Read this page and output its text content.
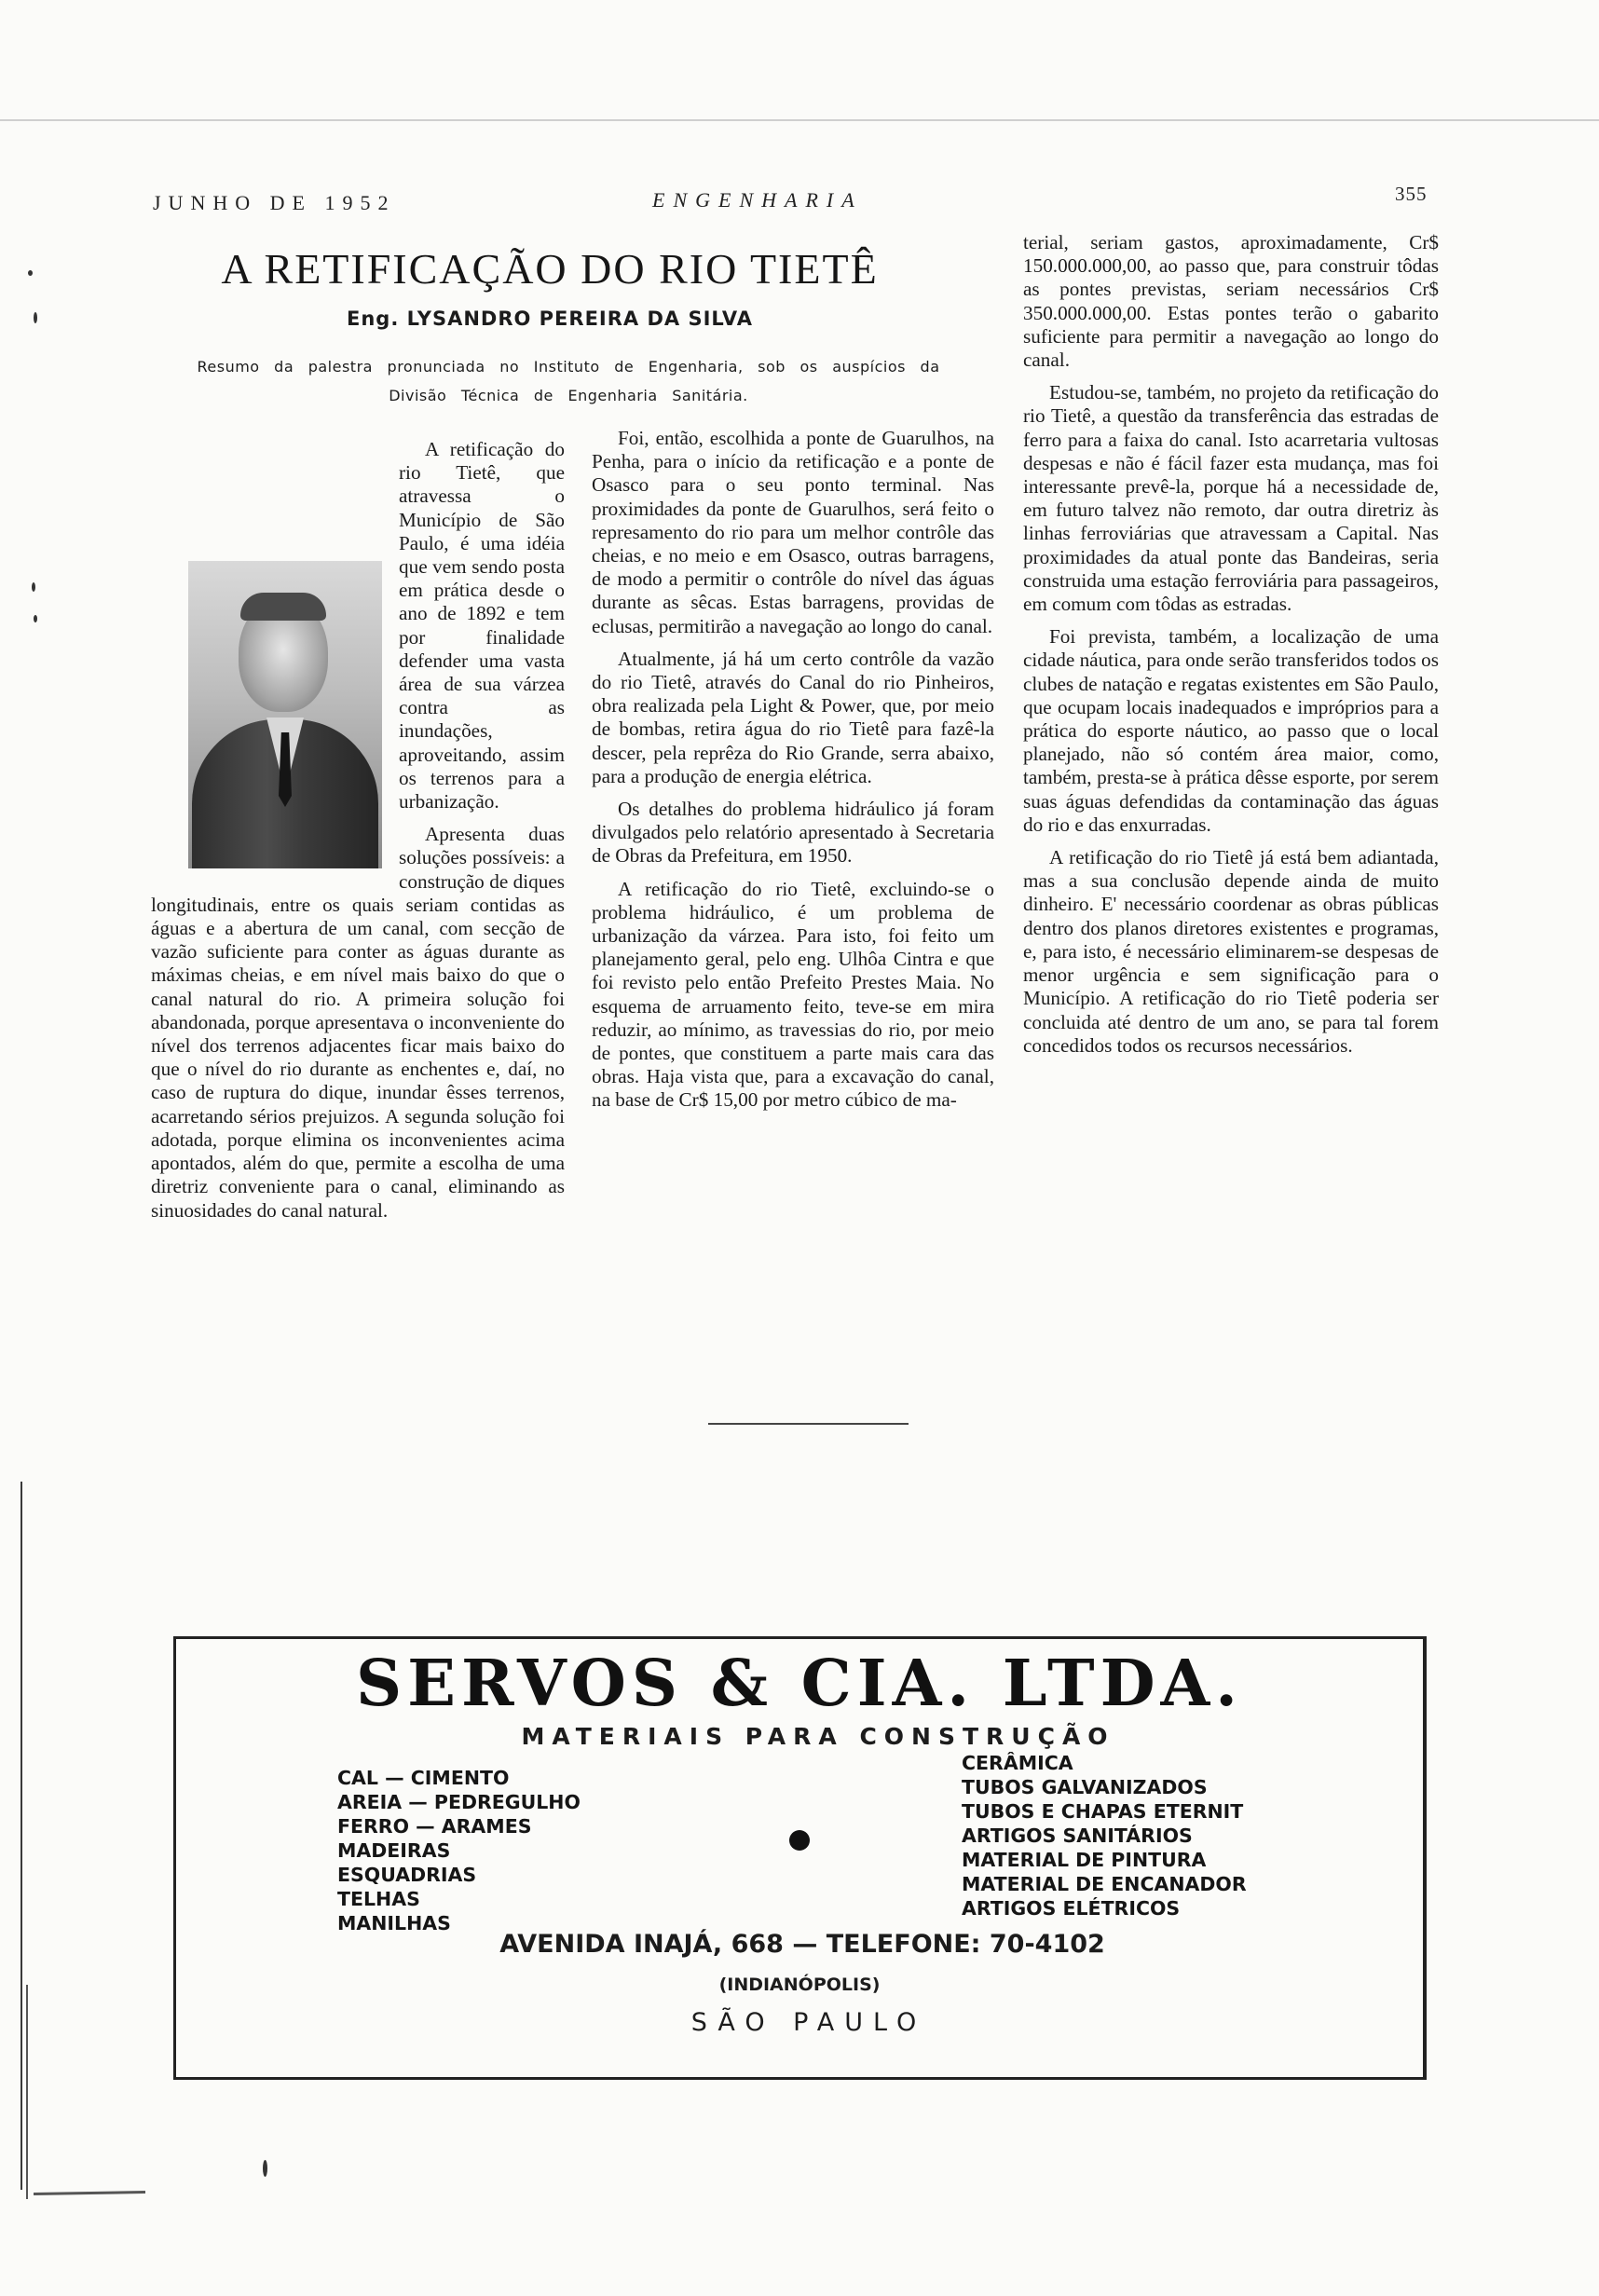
JUNHO DE 1952	ENGENHARIA	355
A RETIFICAÇÃO DO RIO TIETÊ
Eng. LYSANDRO PEREIRA DA SILVA
Resumo da palestra pronunciada no Instituto de Engenharia, sob os auspícios da Divisão Técnica de Engenharia Sanitária.

A retificação do rio Tietê, que atravessa o Município de São Paulo, é uma idéia que vem sendo posta em prática desde o ano de 1892 e tem por finalidade defender uma vasta área de sua várzea contra as inundações, aproveitando, assim os terrenos para a urbanização.

Apresenta duas soluções possíveis: a construção de diques longitudinais, entre os quais seriam contidas as águas e a abertura de um canal, com secção de vazão suficiente para conter as águas durante as máximas cheias, e em nível mais baixo do que o canal natural do rio. A primeira solução foi abandonada, porque apresentava o inconveniente do nível dos terrenos adjacentes ficar mais baixo do que o nível do rio durante as enchentes e, daí, no caso de ruptura do dique, inundar êsses terrenos, acarretando sérios prejuizos. A segunda solução foi adotada, porque elimina os inconvenientes acima apontados, além do que, permite a escolha de uma diretriz conveniente para o canal, eliminando as sinuosidades do canal natural.

Foi, então, escolhida a ponte de Guarulhos, na Penha, para o início da retificação e a ponte de Osasco para o seu ponto terminal. Nas proximidades da ponte de Guarulhos, será feito o represamento do rio para um melhor contrôle das cheias, e no meio e em Osasco, outras barragens, de modo a permitir o contrôle do nível das águas durante as sêcas. Estas barragens, providas de eclusas, permitirão a navegação ao longo do canal.

Atualmente, já há um certo contrôle da vazão do rio Tietê, através do Canal do rio Pinheiros, obra realizada pela Light & Power, que, por meio de bombas, retira água do rio Tietê para fazê-la descer, pela reprêza do Rio Grande, serra abaixo, para a produção de energia elétrica.

Os detalhes do problema hidráulico já foram divulgados pelo relatório apresentado à Secretaria de Obras da Prefeitura, em 1950.

A retificação do rio Tietê, excluindo-se o problema hidráulico, é um problema de urbanização da várzea. Para isto, foi feito um planejamento geral, pelo eng. Ulhôa Cintra e que foi revisto pelo então Prefeito Prestes Maia. No esquema de arruamento feito, teve-se em mira reduzir, ao mínimo, as travessias do rio, por meio de pontes, que constituem a parte mais cara das obras. Haja vista que, para a excavação do canal, na base de Cr$ 15,00 por metro cúbico de ma-

terial, seriam gastos, aproximadamente, Cr$ 150.000.000,00, ao passo que, para construir tôdas as pontes previstas, seriam necessários Cr$ 350.000.000,00. Estas pontes terão o gabarito suficiente para permitir a navegação ao longo do canal.

Estudou-se, também, no projeto da retificação do rio Tietê, a questão da transferência das estradas de ferro para a faixa do canal. Isto acarretaria vultosas despesas e não é fácil fazer esta mudança, mas foi interessante prevê-la, porque há a necessidade de, em futuro talvez não remoto, dar outra diretriz às linhas ferroviárias que atravessam a Capital. Nas proximidades da atual ponte das Bandeiras, seria construida uma estação ferroviária para passageiros, em comum com tôdas as estradas.

Foi prevista, também, a localização de uma cidade náutica, para onde serão transferidos todos os clubes de natação e regatas existentes em São Paulo, que ocupam locais inadequados e impróprios para a prática do esporte náutico, ao passo que o local planejado, não só contém área maior, como, também, presta-se à prática dêsse esporte, por serem suas águas defendidas da contaminação das águas do rio e das enxurradas.

A retificação do rio Tietê já está bem adiantada, mas a sua conclusão depende ainda de muito dinheiro. E' necessário coordenar as obras públicas dentro dos planos diretores existentes e programas, e, para isto, é necessário eliminarem-se despesas de menor urgência e sem significação para o Município. A retificação do rio Tietê poderia ser concluida até dentro de um ano, se para tal forem concedidos todos os recursos necessários.

SERVOS & CIA. LTDA.
MATERIAIS PARA CONSTRUÇÃO
CAL — CIMENTO
AREIA — PEDREGULHO
FERRO — ARAMES
MADEIRAS
ESQUADRIAS
TELHAS
MANILHAS
CERÂMICA
TUBOS GALVANIZADOS
TUBOS E CHAPAS ETERNIT
ARTIGOS SANITÁRIOS
MATERIAL DE PINTURA
MATERIAL DE ENCANADOR
ARTIGOS ELÉTRICOS
AVENIDA INAJÁ, 668 — TELEFONE: 70-4102
(INDIANÓPOLIS)
SÃO PAULO
